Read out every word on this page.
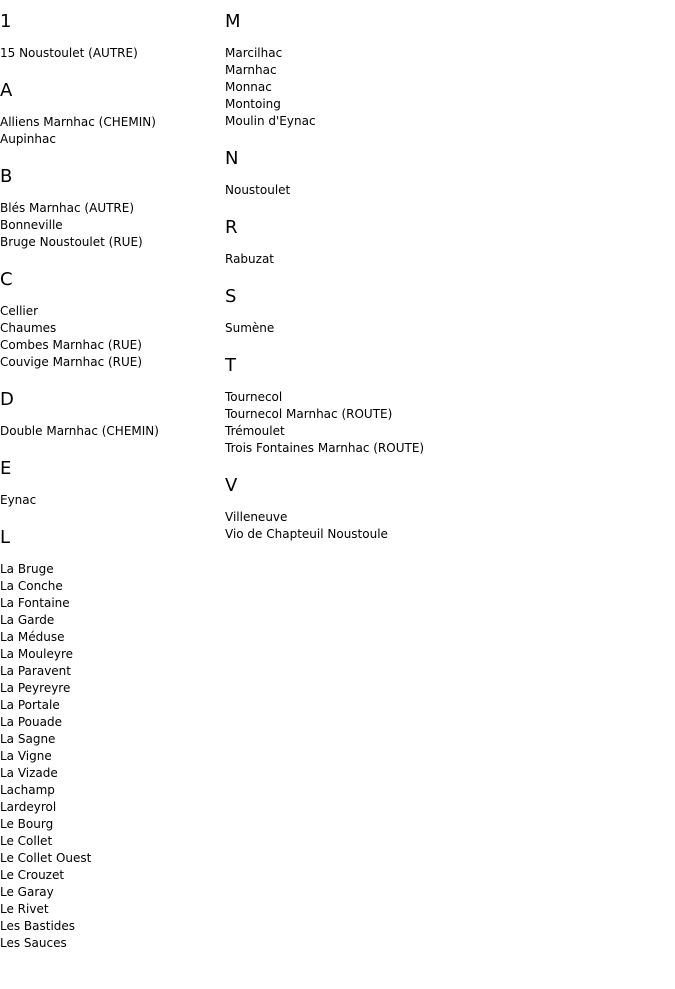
1
15 Noustoulet (AUTRE)
A
Alliens Marnhac (CHEMIN)
Aupinhac
B
Blés Marnhac (AUTRE)
Bonneville
Bruge Noustoulet (RUE)
C
Cellier
Chaumes
Combes Marnhac (RUE)
Couvige Marnhac (RUE)
D
Double Marnhac (CHEMIN)
E
Eynac
L
La Bruge
La Conche
La Fontaine
La Garde
La Méduse
La Mouleyre
La Paravent
La Peyreyre
La Portale
La Pouade
La Sagne
La Vigne
La Vizade
Lachamp
Lardeyrol
Le Bourg
Le Collet
Le Collet Ouest
Le Crouzet
Le Garay
Le Rivet
Les Bastides
Les Sauces
M
Marcilhac
Marnhac
Monnac
Montoing
Moulin d'Eynac
N
Noustoulet
R
Rabuzat
S
Sumène
T
Tournecol
Tournecol Marnhac (ROUTE)
Trémoulet
Trois Fontaines Marnhac (ROUTE)
V
Villeneuve
Vio de Chapteuil Noustoule
